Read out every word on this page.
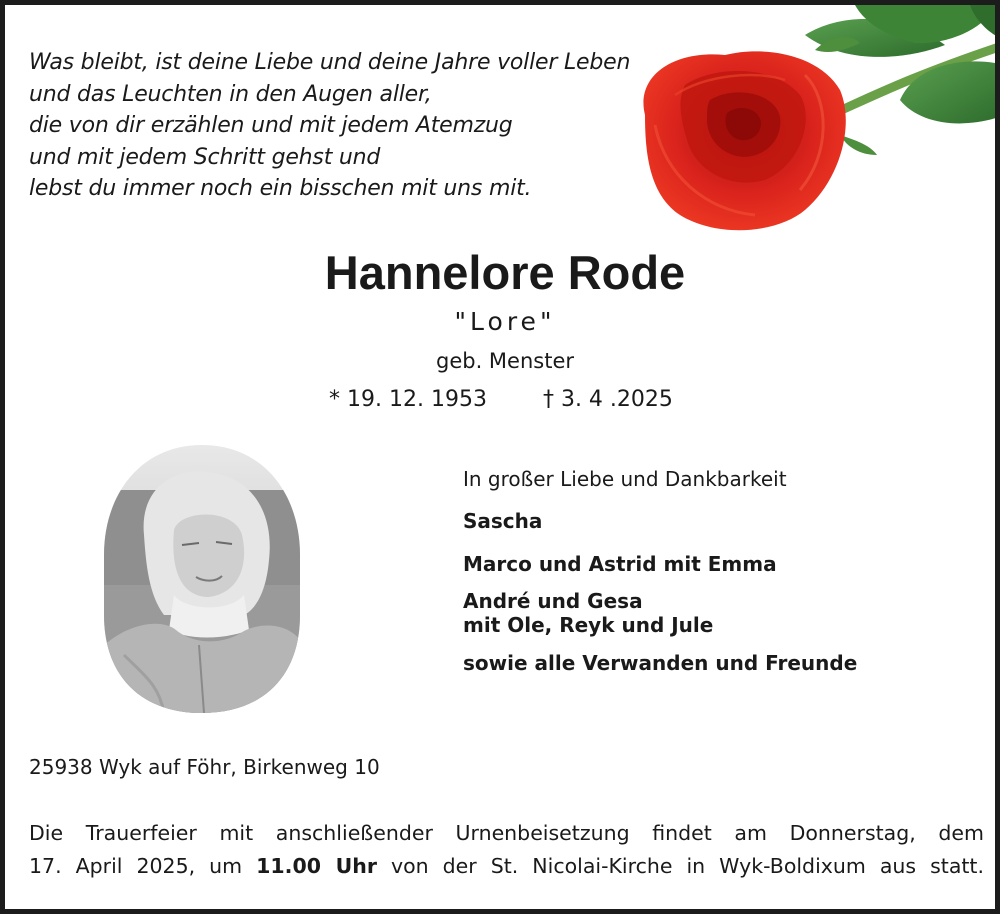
Was bleibt, ist deine Liebe und deine Jahre voller Leben
und das Leuchten in den Augen aller,
die von dir erzählen und mit jedem Atemzug
und mit jedem Schritt gehst und
lebst du immer noch ein bisschen mit uns mit.
Hannelore Rode
"Lore"
geb. Menster
* 19. 12. 1953	† 3. 4 .2025
In großer Liebe und Dankbarkeit
Sascha
Marco und Astrid mit Emma
André und Gesa
mit Ole, Reyk und Jule
sowie alle Verwanden und Freunde
25938 Wyk auf Föhr, Birkenweg 10
Die Trauerfeier mit anschließender Urnenbeisetzung findet am Donnerstag, dem
17. April 2025, um 11.00 Uhr von der St. Nicolai-Kirche in Wyk-Boldixum aus statt.
